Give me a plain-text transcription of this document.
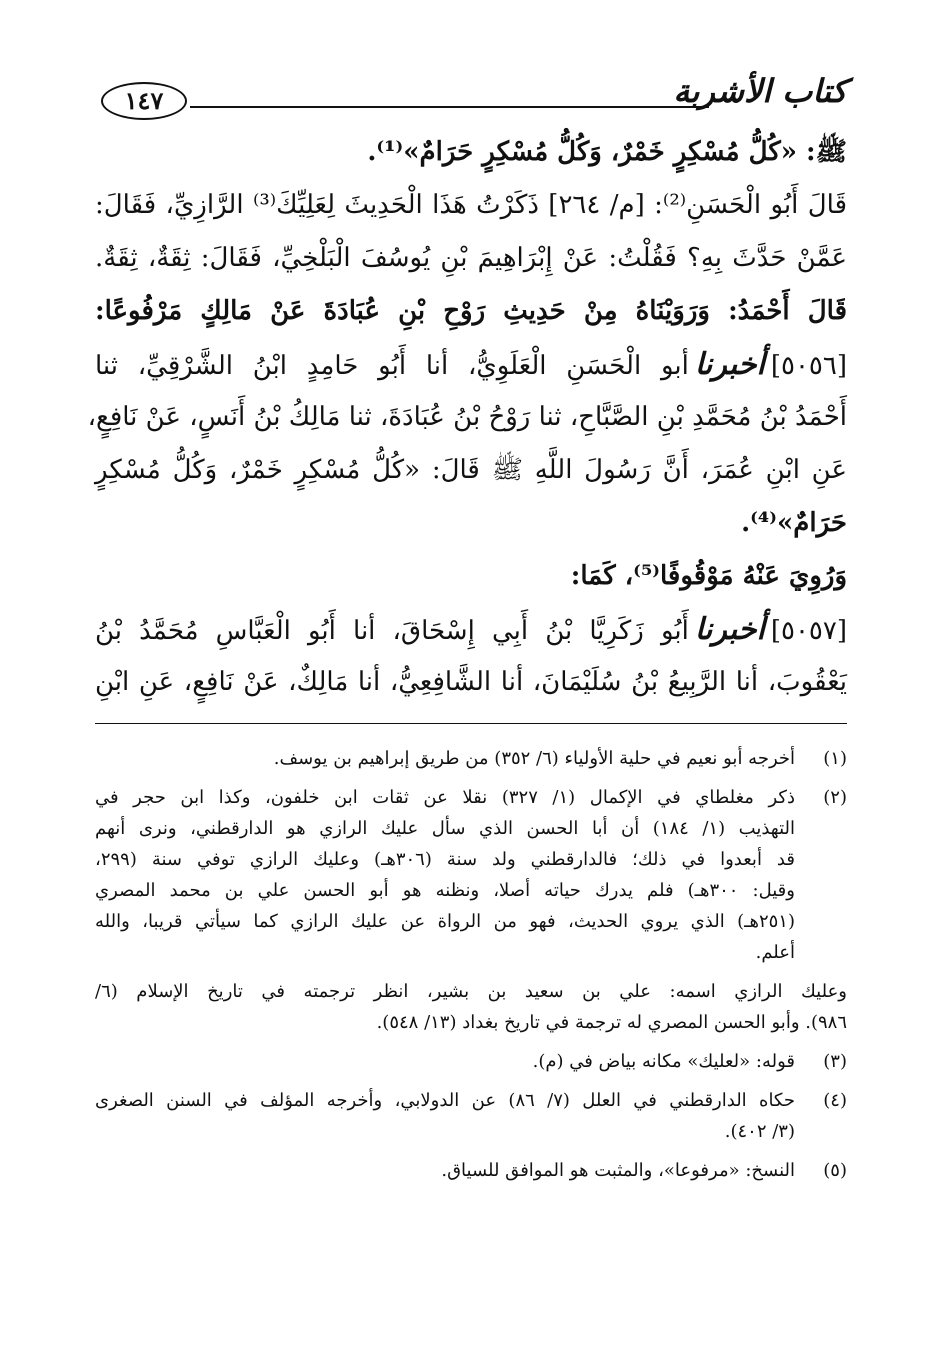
كتاب الأشربة
١٤٧
ﷺ: «كُلُّ مُسْكِرٍ خَمْرٌ، وَكُلُّ مُسْكِرٍ حَرَامٌ»⁽¹⁾.
قَالَ أَبُو الْحَسَنِ⁽²⁾: [م/ ٢٦٤] ذَكَرْتُ هَذَا الْحَدِيثَ لِعَلِيِّكَ⁽³⁾ الرَّازِيِّ، فَقَالَ:
عَمَّنْ حَدَّثَ بِهِ؟ فَقُلْتُ: عَنْ إِبْرَاهِيمَ بْنِ يُوسُفَ الْبَلْخِيِّ، فَقَالَ: ثِقَةٌ، ثِقَةٌ.
قَالَ أَحْمَدُ: وَرَوَيْنَاهُ مِنْ حَدِيثِ رَوْحِ بْنِ عُبَادَةَ عَنْ مَالِكٍ مَرْفُوعًا:
[٥٠٥٦]أخبرناأبو الْحَسَنِ الْعَلَوِيُّ، أنا أَبُو حَامِدٍ ابْنُ الشَّرْقِيِّ، ثنا
أَحْمَدُ بْنُ مُحَمَّدِ بْنِ الصَّبَّاحِ، ثنا رَوْحُ بْنُ عُبَادَةَ، ثنا مَالِكُ بْنُ أَنَسٍ، عَنْ نَافِعٍ،
عَنِ ابْنِ عُمَرَ، أَنَّ رَسُولَ اللَّهِ ﷺ قَالَ: «كُلُّ مُسْكِرٍ خَمْرٌ، وَكُلُّ مُسْكِرٍ
حَرَامٌ»⁽⁴⁾.
وَرُوِيَ عَنْهُ مَوْقُوفًا⁽⁵⁾، كَمَا:
[٥٠٥٧]أخبرناأَبُو زَكَرِيَّا بْنُ أَبِي إِسْحَاقَ، أنا أَبُو الْعَبَّاسِ مُحَمَّدُ بْنُ
يَعْقُوبَ، أنا الرَّبِيعُ بْنُ سُلَيْمَانَ، أنا الشَّافِعِيُّ، أنا مَالِكٌ، عَنْ نَافِعٍ، عَنِ ابْنِ
(١)
أخرجه أبو نعيم في حلية الأولياء (٦/ ٣٥٢) من طريق إبراهيم بن يوسف.
(٢)
ذكر مغلطاي في الإكمال (١/ ٣٢٧) نقلا عن ثقات ابن خلفون، وكذا ابن حجر في
التهذيب (١/ ١٨٤) أن أبا الحسن الذي سأل عليك الرازي هو الدارقطني، ونرى أنهم
قد أبعدوا في ذلك؛ فالدارقطني ولد سنة (٣٠٦هـ) وعليك الرازي توفي سنة (٢٩٩،
وقيل: ٣٠٠هـ) فلم يدرك حياته أصلا، ونظنه هو أبو الحسن علي بن محمد المصري
(٢٥١هـ) الذي يروي الحديث، فهو من الرواة عن عليك الرازي كما سيأتي قريبا، والله
أعلم.
وعليك الرازي اسمه: علي بن سعيد بن بشير، انظر ترجمته في تاريخ الإسلام (٦/
٩٨٦). وأبو الحسن المصري له ترجمة في تاريخ بغداد (١٣/ ٥٤٨).
(٣)
قوله: «لعليك» مكانه بياض في (م).
(٤)
حكاه الدارقطني في العلل (٧/ ٨٦) عن الدولابي، وأخرجه المؤلف في السنن الصغرى
(٣/ ٤٠٢).
(٥)
النسخ: «مرفوعا»، والمثبت هو الموافق للسياق.
